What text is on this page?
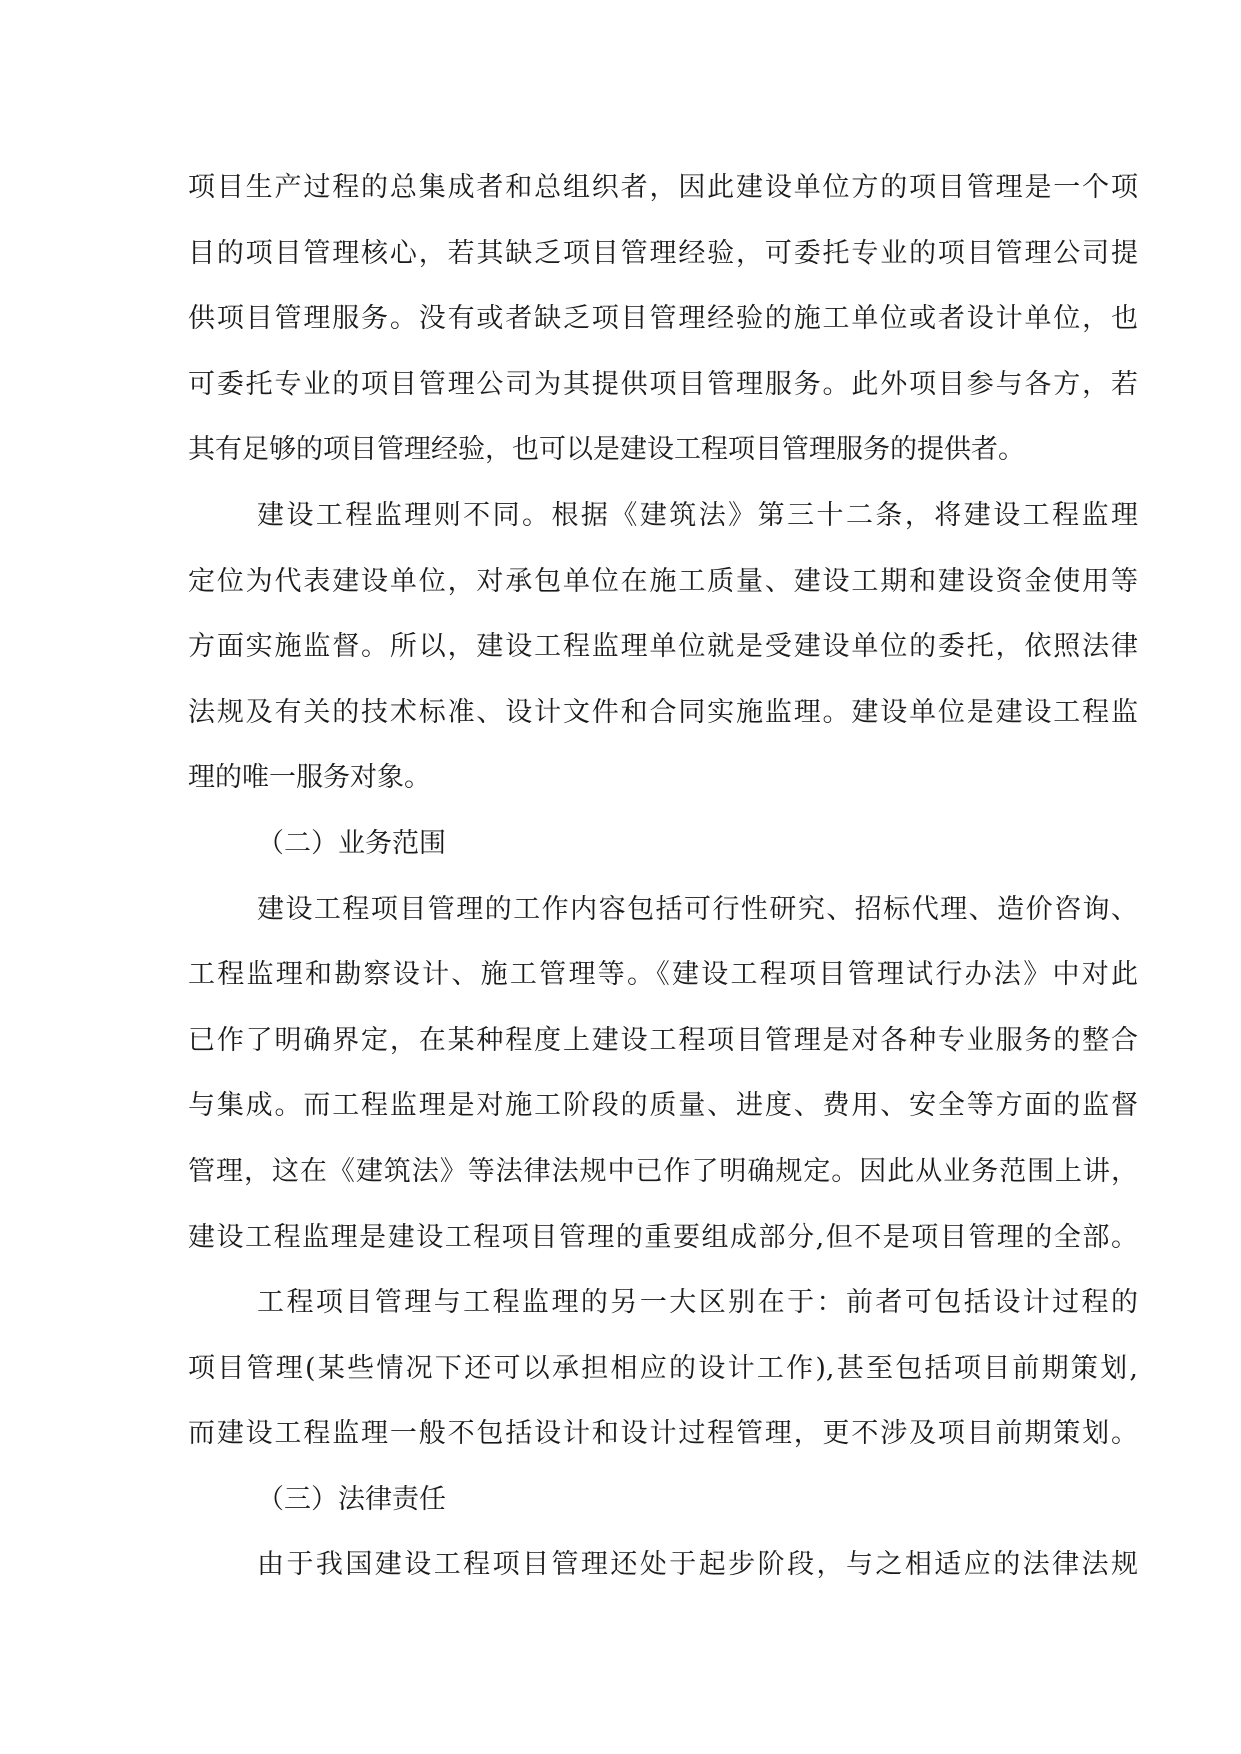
项目生产过程的总集成者和总组织者，因此建设单位方的项目管理是一个项
目的项目管理核心，若其缺乏项目管理经验，可委托专业的项目管理公司提
供项目管理服务。没有或者缺乏项目管理经验的施工单位或者设计单位，也
可委托专业的项目管理公司为其提供项目管理服务。此外项目参与各方，若
其有足够的项目管理经验，也可以是建设工程项目管理服务的提供者。
建设工程监理则不同。根据《建筑法》第三十二条，将建设工程监理
定位为代表建设单位，对承包单位在施工质量、建设工期和建设资金使用等
方面实施监督。所以，建设工程监理单位就是受建设单位的委托，依照法律
法规及有关的技术标准、设计文件和合同实施监理。建设单位是建设工程监
理的唯一服务对象。
（二）业务范围
建设工程项目管理的工作内容包括可行性研究、招标代理、造价咨询、
工程监理和勘察设计、施工管理等。《建设工程项目管理试行办法》中对此
已作了明确界定，在某种程度上建设工程项目管理是对各种专业服务的整合
与集成。而工程监理是对施工阶段的质量、进度、费用、安全等方面的监督
管理，这在《建筑法》等法律法规中已作了明确规定。因此从业务范围上讲，
建设工程监理是建设工程项目管理的重要组成部分,但不是项目管理的全部。
工程项目管理与工程监理的另一大区别在于：前者可包括设计过程的
项目管理(某些情况下还可以承担相应的设计工作),甚至包括项目前期策划,
而建设工程监理一般不包括设计和设计过程管理，更不涉及项目前期策划。
（三）法律责任
由于我国建设工程项目管理还处于起步阶段，与之相适应的法律法规
